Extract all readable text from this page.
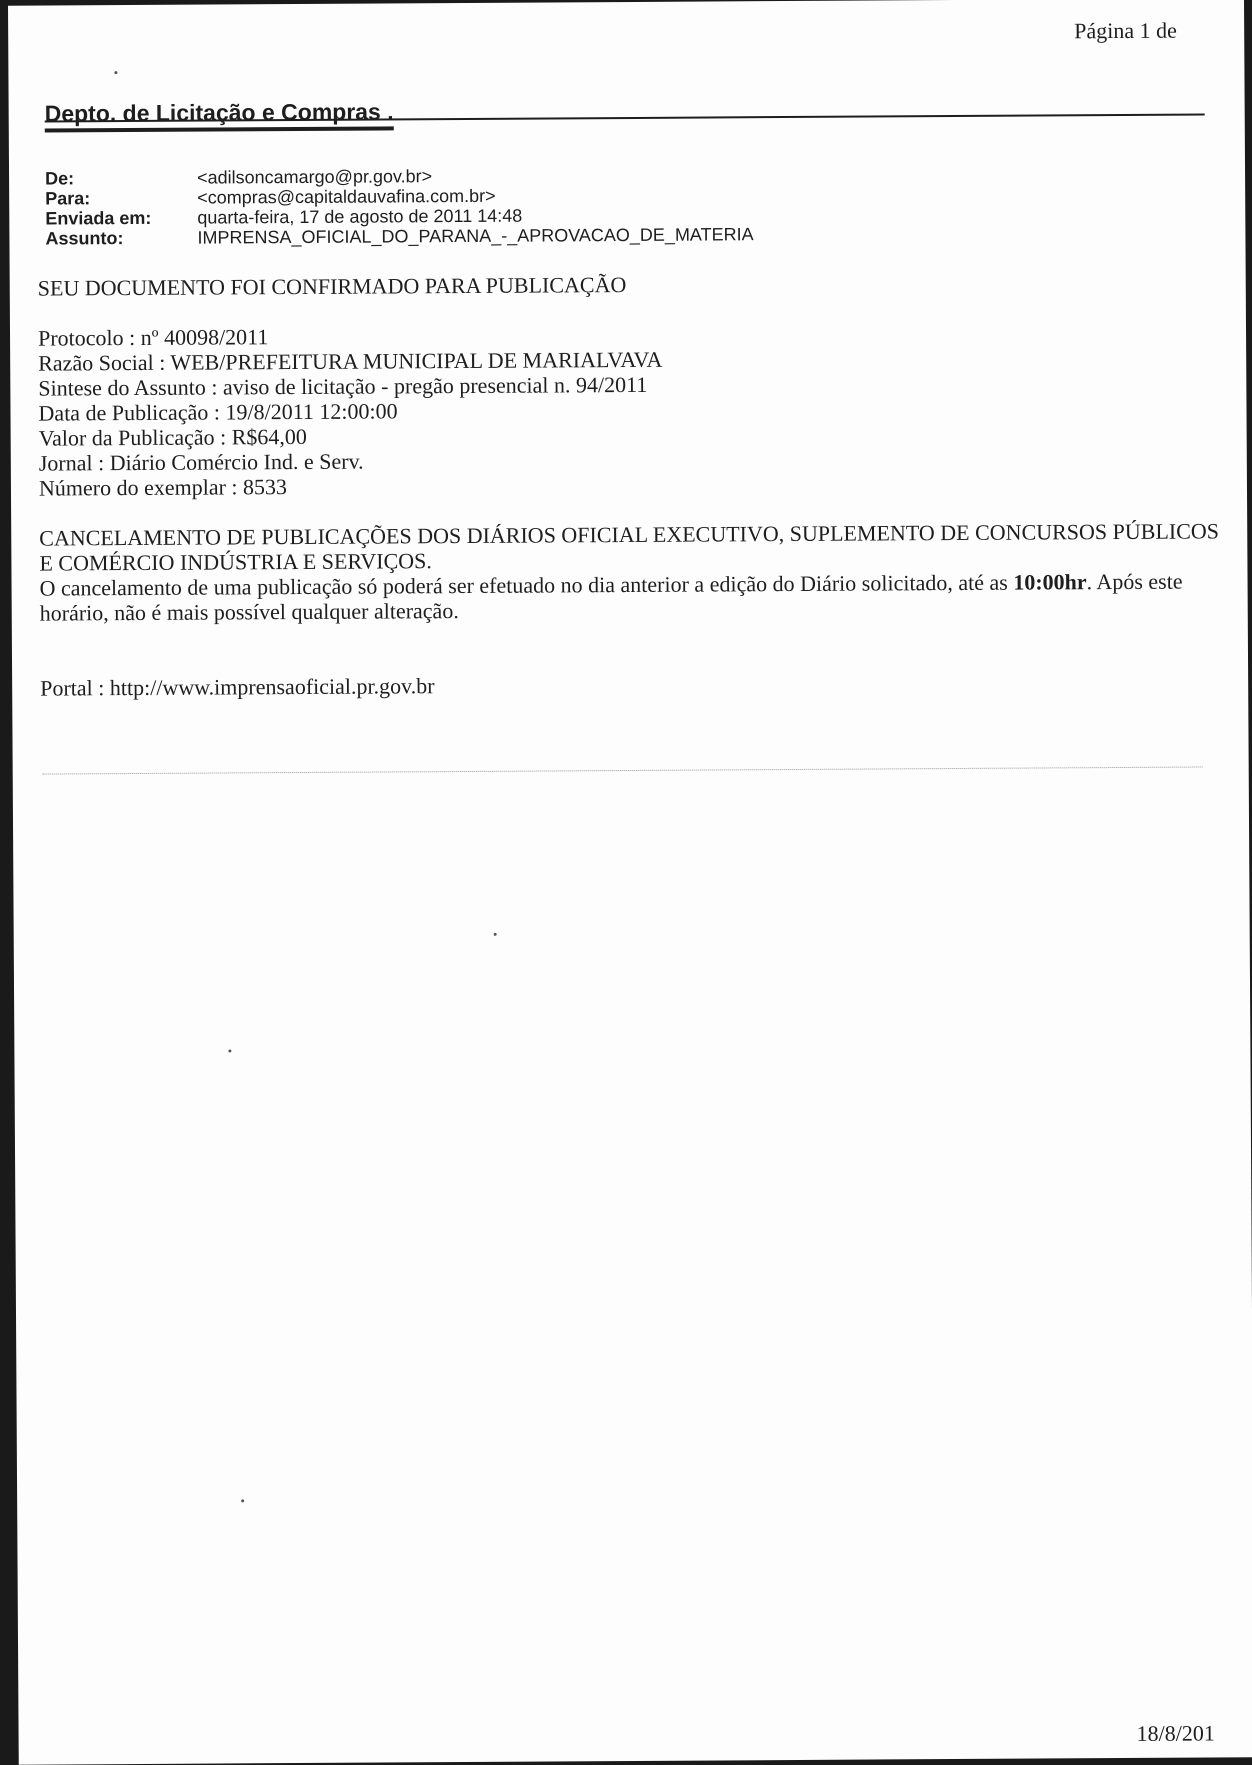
Página 1 de
Depto. de Licitação e Compras .
De:	<adilsoncamargo@pr.gov.br>
Para:	<compras@capitaldauvafina.com.br>
Enviada em:	quarta-feira, 17 de agosto de 2011 14:48
Assunto:	IMPRENSA_OFICIAL_DO_PARANA_-_APROVACAO_DE_MATERIA

SEU DOCUMENTO FOI CONFIRMADO PARA PUBLICAÇÃO

Protocolo : nº 40098/2011
Razão Social : WEB/PREFEITURA MUNICIPAL DE MARIALVAVA
Sintese do Assunto : aviso de licitação - pregão presencial n. 94/2011
Data de Publicação : 19/8/2011 12:00:00
Valor da Publicação : R$64,00
Jornal : Diário Comércio Ind. e Serv.
Número do exemplar : 8533

CANCELAMENTO DE PUBLICAÇÕES DOS DIÁRIOS OFICIAL EXECUTIVO, SUPLEMENTO DE CONCURSOS PÚBLICOS E COMÉRCIO INDÚSTRIA E SERVIÇOS.

O cancelamento de uma publicação só poderá ser efetuado no dia anterior a edição do Diário solicitado, até as 10:00hr. Após este horário, não é mais possível qualquer alteração.

Portal : http://www.imprensaoficial.pr.gov.br
18/8/201
